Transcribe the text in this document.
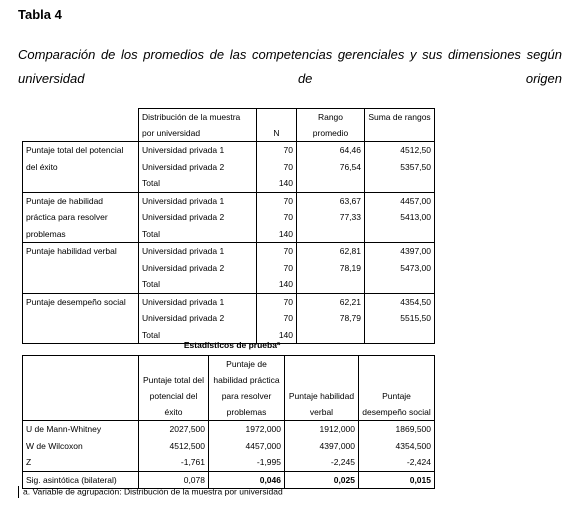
Tabla 4
Comparación de los promedios de las competencias gerenciales y sus dimensiones según universidad de origen
	Distribución de la muestra por universidad	N	Rango promedio	Suma de rangos
Puntaje total del potencial del éxito	Universidad privada 1	70	64,46	4512,50
	Universidad privada 2	70	76,54	5357,50
	Total	140		
Puntaje de habilidad práctica para resolver problemas	Universidad privada 1	70	63,67	4457,00
	Universidad privada 2	70	77,33	5413,00
	Total	140		
Puntaje habilidad verbal	Universidad privada 1	70	62,81	4397,00
	Universidad privada 2	70	78,19	5473,00
	Total	140		
Puntaje desempeño social	Universidad privada 1	70	62,21	4354,50
	Universidad privada 2	70	78,79	5515,50
	Total	140		
Estadísticos de pruebaª
	Puntaje total del potencial del éxito	Puntaje de habilidad práctica para resolver problemas	Puntaje habilidad verbal	Puntaje desempeño social
U de Mann-Whitney	2027,500	1972,000	1912,000	1869,500
W de Wilcoxon	4512,500	4457,000	4397,000	4354,500
Z	-1,761	-1,995	-2,245	-2,424
Sig. asintótica (bilateral)	0,078	0,046	0,025	0,015
a. Variable de agrupación: Distribución de la muestra por universidad
